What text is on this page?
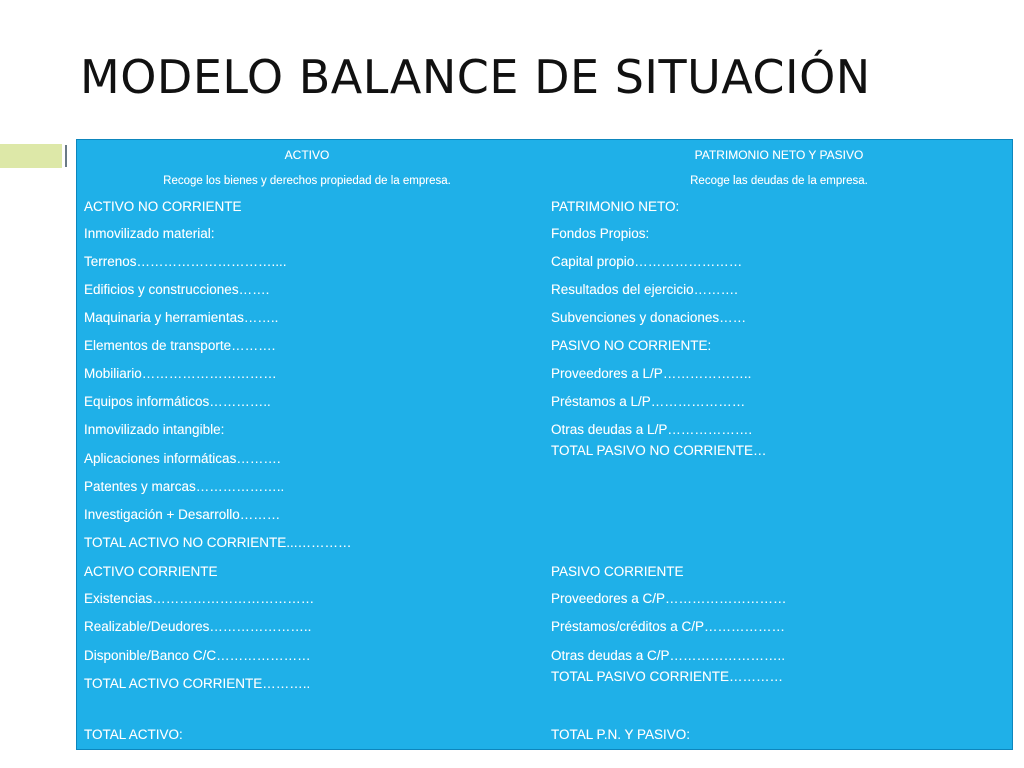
MODELO BALANCE DE SITUACIÓN
ACTIVO
Recoge los bienes y derechos propiedad de la empresa.
PATRIMONIO NETO Y PASIVO
Recoge las deudas de la empresa.
ACTIVO NO CORRIENTE
Inmovilizado material:
Terrenos…………………………....
Edificios y construcciones…….
Maquinaria y herramientas……..
Elementos de transporte……….
Mobiliario…………………………
Equipos informáticos…………..
Inmovilizado intangible:
Aplicaciones informáticas……….
Patentes y marcas………………..
Investigación + Desarrollo………
TOTAL ACTIVO NO CORRIENTE...…………
ACTIVO CORRIENTE
Existencias………………………………
Realizable/Deudores…………………..
Disponible/Banco C/C…………………
TOTAL ACTIVO CORRIENTE………..
TOTAL ACTIVO:
PATRIMONIO NETO:
Fondos Propios:
Capital propio……………………
Resultados del ejercicio……….
Subvenciones y donaciones……
PASIVO NO CORRIENTE:
Proveedores a L/P………………..
Préstamos a L/P…………………
Otras deudas a L/P……………….
TOTAL PASIVO NO CORRIENTE…
PASIVO CORRIENTE
Proveedores a C/P………………………
Préstamos/créditos a C/P………………
Otras deudas a C/P……………………..
TOTAL PASIVO CORRIENTE…………
TOTAL P.N. Y PASIVO:
